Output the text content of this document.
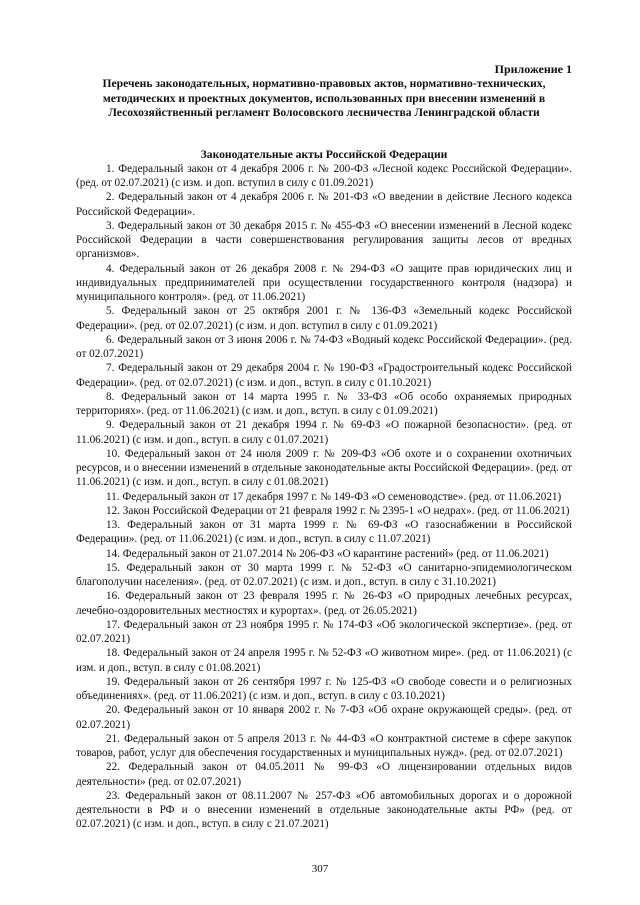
Приложение 1

Перечень законодательных, нормативно-правовых актов, нормативно-технических, методических и проектных документов, использованных при внесении изменений в Лесохозяйственный регламент Волосовского лесничества Ленинградской области

Законодательные акты Российской Федерации

1. Федеральный закон от 4 декабря 2006 г. № 200-ФЗ «Лесной кодекс Российской Федерации». (ред. от 02.07.2021) (с изм. и доп. вступил в силу с 01.09.2021)
2. Федеральный закон от 4 декабря 2006 г. № 201-ФЗ «О введении в действие Лесного кодекса Российской Федерации».
3. Федеральный закон от 30 декабря 2015 г. № 455-ФЗ «О внесении изменений в Лесной кодекс Российской Федерации в части совершенствования регулирования защиты лесов от вредных организмов».
4. Федеральный закон от 26 декабря 2008 г. № 294-ФЗ «О защите прав юридических лиц и индивидуальных предпринимателей при осуществлении государственного контроля (надзора) и муниципального контроля». (ред. от 11.06.2021)
5. Федеральный закон от 25 октября 2001 г. № 136-ФЗ «Земельный кодекс Российской Федерации». (ред. от 02.07.2021) (с изм. и доп. вступил в силу с 01.09.2021)
6. Федеральный закон от 3 июня 2006 г. № 74-ФЗ «Водный кодекс Российской Федерации». (ред. от 02.07.2021)
7. Федеральный закон от 29 декабря 2004 г. № 190-ФЗ «Градостроительный кодекс Российской Федерации». (ред. от 02.07.2021) (с изм. и доп., вступ. в силу с 01.10.2021)
8. Федеральный закон от 14 марта 1995 г. № 33-ФЗ «Об особо охраняемых природных территориях». (ред. от 11.06.2021) (с изм. и доп., вступ. в силу с 01.09.2021)
9. Федеральный закон от 21 декабря 1994 г. № 69-ФЗ «О пожарной безопасности». (ред. от 11.06.2021) (с изм. и доп., вступ. в силу с 01.07.2021)
10. Федеральный закон от 24 июля 2009 г. № 209-ФЗ «Об охоте и о сохранении охотничьих ресурсов, и о внесении изменений в отдельные законодательные акты Российской Федерации». (ред. от 11.06.2021) (с изм. и доп., вступ. в силу с 01.08.2021)
11. Федеральный закон от 17 декабря 1997 г. № 149-ФЗ «О семеноводстве». (ред. от 11.06.2021)
12. Закон Российской Федерации от 21 февраля 1992 г. № 2395-1 «О недрах». (ред. от 11.06.2021)
13. Федеральный закон от 31 марта 1999 г. № 69-ФЗ «О газоснабжении в Российской Федерации». (ред. от 11.06.2021) (с изм. и доп., вступ. в силу с 11.07.2021)
14. Федеральный закон от 21.07.2014 № 206-ФЗ «О карантине растений» (ред. от 11.06.2021)
15. Федеральный закон от 30 марта 1999 г. № 52-ФЗ «О санитарно-эпидемиологическом благополучии населения». (ред. от 02.07.2021) (с изм. и доп., вступ. в силу с 31.10.2021)
16. Федеральный закон от 23 февраля 1995 г. № 26-ФЗ «О природных лечебных ресурсах, лечебно-оздоровительных местностях и курортах». (ред. от 26.05.2021)
17. Федеральный закон от 23 ноября 1995 г. № 174-ФЗ «Об экологической экспертизе». (ред. от 02.07.2021)
18. Федеральный закон от 24 апреля 1995 г. № 52-ФЗ «О животном мире». (ред. от 11.06.2021) (с изм. и доп., вступ. в силу с 01.08.2021)
19. Федеральный закон от 26 сентября 1997 г. № 125-ФЗ «О свободе совести и о религиозных объединениях». (ред. от 11.06.2021) (с изм. и доп., вступ. в силу с 03.10.2021)
20. Федеральный закон от 10 января 2002 г. № 7-ФЗ «Об охране окружающей среды». (ред. от 02.07.2021)
21. Федеральный закон от 5 апреля 2013 г. № 44-ФЗ «О контрактной системе в сфере закупок товаров, работ, услуг для обеспечения государственных и муниципальных нужд». (ред. от 02.07.2021)
22. Федеральный закон от 04.05.2011 № 99-ФЗ «О лицензировании отдельных видов деятельности» (ред. от 02.07.2021)
23. Федеральный закон от 08.11.2007 № 257-ФЗ «Об автомобильных дорогах и о дорожной деятельности в РФ и о внесении изменений в отдельные законодательные акты РФ» (ред. от 02.07.2021) (с изм. и доп., вступ. в силу с 21.07.2021)
307
